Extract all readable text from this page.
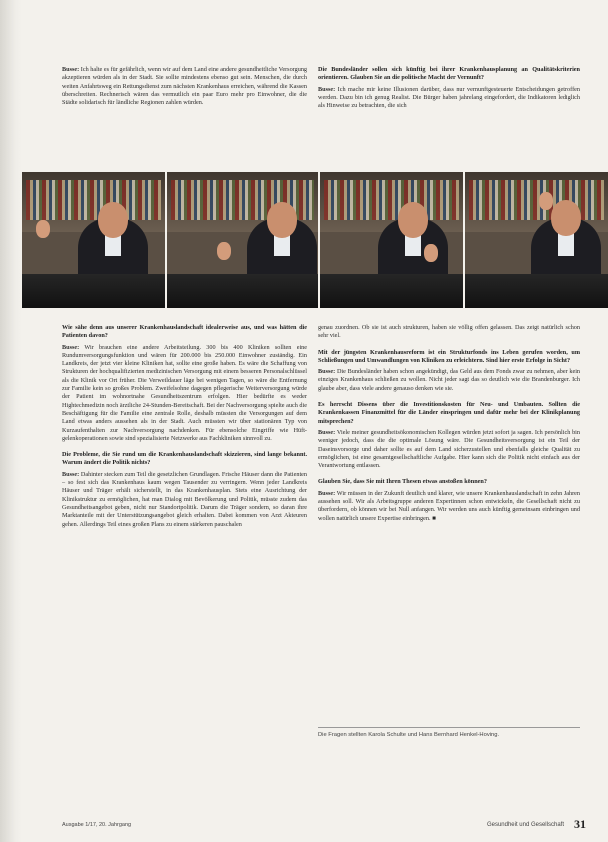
Busse: Ich halte es für gefährlich, wenn wir auf dem Land eine andere gesundheitliche Versorgung akzeptieren würden als in der Stadt. Sie sollte mindestens ebenso gut sein. Menschen, die durch weiten Anfahrtsweg ein Rettungsdienst zum nächsten Krankenhaus erreichen, während die Kassen überschreiten. Rechnerisch wären das vermutlich ein paar Euro mehr pro Einwohner, die die Städte solidarisch für ländliche Regionen zahlen würden.

Die Bundesländer sollen sich künftig bei ihrer Krankenhausplanung an Qualitätskriterien orientieren. Glauben Sie an die politische Macht der Vernunft?

Busse: Ich mache mir keine Illusionen darüber, dass nur vernunftgesteuerte Entscheidungen getroffen werden. Dazu bin ich genug Realist. Die Bürger haben jahrelang eingefordert, die Indikatoren lediglich als Hinweise zu betrachten, die sich

Wie sähe denn aus unserer Krankenhauslandschaft idealerweise aus, und was hätten die Patienten davon?

Busse: Wir brauchen eine andere Arbeitsteilung. 300 bis 400 Kliniken sollten eine Rundumversorgungsfunktion und wären für 200.000 bis 250.000 Einwohner zuständig. Ein Landkreis, der jetzt vier kleine Kliniken hat, sollte eine große haben. Es wäre die Schaffung von Strukturen der hochqualifizierten medizinischen Versorgung mit einem besseren Personalschlüssel als die Klinik vor Ort früher. Die Verweildauer läge bei wenigen Tagen, so wäre die Entfernung zur Familie kein so großes Problem. Zweifelsohne dagegen pflegerische Weiterversorgung würde der Patient im wohnortnahe Gesundheitszentrum erfolgen. Hier bedürfte es weder Hightechmedizin noch ärztliche 24-Stunden-Bereitschaft. Bei der Nachversorgung spielte auch die Beschäftigung für die Familie eine zentrale Rolle, deshalb müssten die Versorgungen auf dem Land etwas anders aussehen als in der Stadt. Auch müssten wir über stationären Typ von Kurzaufenthalten zur Nachversorgung nachdenken. Für ebensolche Eingriffe wie Hüft- gelenkoperationen sowie sind spezialisierte Netzwerke aus Fachkliniken sinnvoll zu.

Die Probleme, die Sie rund um die Krankenhauslandschaft skizzieren, sind lange bekannt. Warum ändert die Politik nichts?

Busse: Dahinter stecken zum Teil die gesetzlichen Grundlagen. Frische Häuser dann die Patienten – so fest sich das Krankenhaus kaum wegen Tausender zu verringern. Wenn jeder Landkreis Häuser und Träger erhält sicherstellt, in das Krankenhausplan. Stets eine Ausrichtung der Klinikstruktur zu ermöglichen, hat man Dialog mit Bevölkerung und Politik, müsste zudem das Gesundheitsangebot geben, nicht nur Standortpolitik. Darum die Träger sondern, so daran ihre Marktanteile mit der Unterstützungsangebot gleich erhalten. Dabei kommen von Arzt Akteuren gehen. Allerdings Teil eines großen Plans zu einem stärkeren pauschalen

genau zuordnen. Ob sie ist auch strukturen, haben sie völlig offen gelassen. Das zeigt natürlich schon sehr viel.

Mit der jüngsten Krankenhausreform ist ein Strukturfonds ins Leben gerufen worden, um Schließungen und Umwandlungen von Kliniken zu erleichtern. Sind hier erste Erfolge in Sicht?

Busse: Die Bundesländer haben schon angekündigt, das Geld aus dem Fonds zwar zu nehmen, aber kein einziges Krankenhaus schließen zu wollen. Nicht jeder sagt das so deutlich wie die Brandenburger. Ich glaube aber, dass viele andere genauso denken wie sie.

Es herrscht Dissens über die Investitionskosten für Neu- und Umbauten. Sollten die Krankenkassen Finanzmittel für die Länder einspringen und dafür mehr bei der Klinikplanung mitsprechen?

Busse: Viele meiner gesundheitsökonomischen Kollegen würden jetzt sofort ja sagen. Ich persönlich bin weniger jedoch, dass die die optimale Lösung wäre. Die Gesundheitsversorgung ist ein Teil der Daseinsvorsorge und daher sollte es auf dem Land sicherzustellen und ebenfalls gleiche Qualität zu ermöglichen, ist eine gesamtgesellschaftliche Aufgabe. Hier kann sich die Politik nicht einfach aus der Verantwortung entlassen.

Glauben Sie, dass Sie mit Ihren Thesen etwas anstoßen können?

Busse: Wir müssen in der Zukunft deutlich und klarer, wie unsere Krankenhauslandschaft in zehn Jahren aussehen soll. Wir als Arbeitsgruppe anderen Expertinnen schon entwickeln, die Gesellschaft nicht zu überfordern, ob können wir bei Null anfangen. Wir werden uns auch künftig gemeinsam einbringen und wollen natürlich unsere Expertise einbringen. ■

Die Fragen stellten Karola Schulte und Hans Bernhard Henkel-Hoving.
Ausgabe 1/17, 20. Jahrgang	Gesundheit und Gesellschaft 31
